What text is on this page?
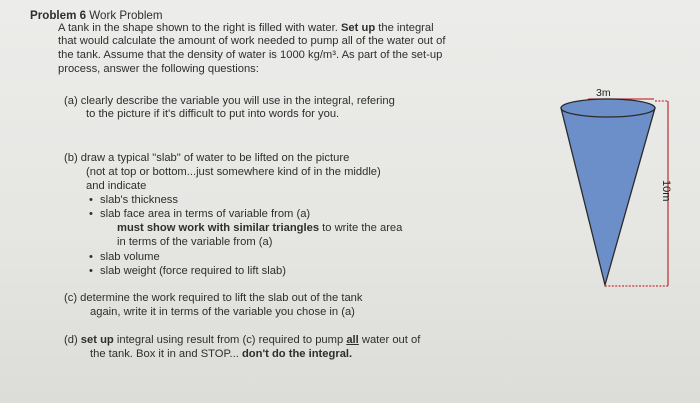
Problem 6 Work Problem
A tank in the shape shown to the right is filled with water. Set up the integral
that would calculate the amount of work needed to pump all of the water out of
the tank. Assume that the density of water is 1000 kg/m³. As part of the set-up
process, answer the following questions:
(a) clearly describe the variable you will use in the integral, refering
to the picture if it's difficult to put into words for you.
(b) draw a typical "slab" of water to be lifted on the picture
(not at top or bottom...just somewhere kind of in the middle)
and indicate
• slab's thickness
• slab face area in terms of variable from (a)
must show work with similar triangles to write the area
in terms of the variable from (a)
• slab volume
• slab weight (force required to lift slab)
(c) determine the work required to lift the slab out of the tank
again, write it in terms of the variable you chose in (a)
(d) set up integral using result from (c) required to pump all water out of
the tank. Box it in and STOP... don't do the integral.
3m
10m
